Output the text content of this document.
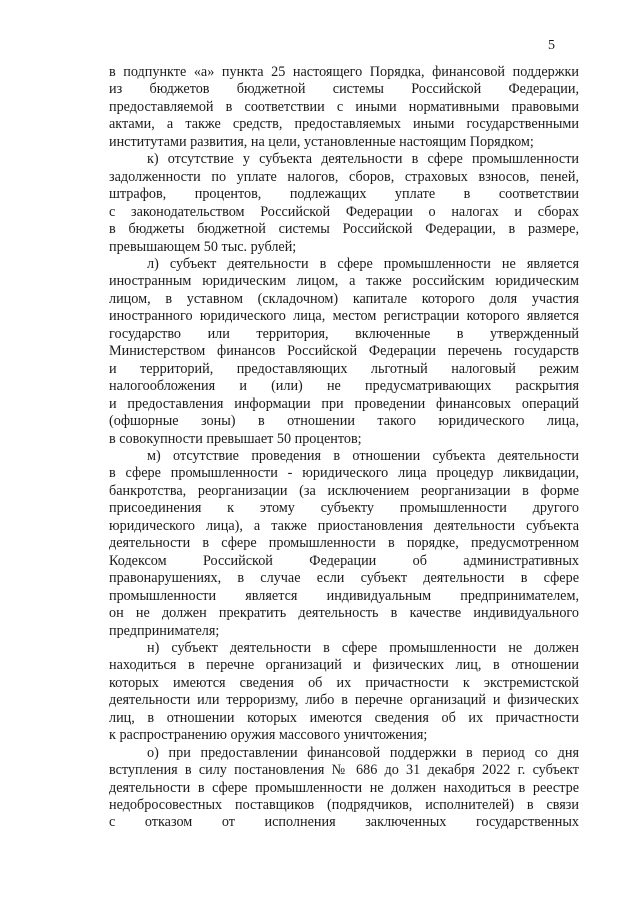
5
в подпункте «а» пункта 25 настоящего Порядка, финансовой поддержки
из бюджетов бюджетной системы Российской Федерации,
предоставляемой в соответствии с иными нормативными правовыми
актами, а также средств, предоставляемых иными государственными
институтами развития, на цели, установленные настоящим Порядком;
к) отсутствие у субъекта деятельности в сфере промышленности
задолженности по уплате налогов, сборов, страховых взносов, пеней,
штрафов, процентов, подлежащих уплате в соответствии
с законодательством Российской Федерации о налогах и сборах
в бюджеты бюджетной системы Российской Федерации, в размере,
превышающем 50 тыс. рублей;
л) субъект деятельности в сфере промышленности не является
иностранным юридическим лицом, а также российским юридическим
лицом, в уставном (складочном) капитале которого доля участия
иностранного юридического лица, местом регистрации которого является
государство или территория, включенные в утвержденный
Министерством финансов Российской Федерации перечень государств
и территорий, предоставляющих льготный налоговый режим
налогообложения и (или) не предусматривающих раскрытия
и предоставления информации при проведении финансовых операций
(офшорные зоны) в отношении такого юридического лица,
в совокупности превышает 50 процентов;
м) отсутствие проведения в отношении субъекта деятельности
в сфере промышленности - юридического лица процедур ликвидации,
банкротства, реорганизации (за исключением реорганизации в форме
присоединения к этому субъекту промышленности другого
юридического лица), а также приостановления деятельности субъекта
деятельности в сфере промышленности в порядке, предусмотренном
Кодексом Российской Федерации об административных
правонарушениях, в случае если субъект деятельности в сфере
промышленности является индивидуальным предпринимателем,
он не должен прекратить деятельность в качестве индивидуального
предпринимателя;
н) субъект деятельности в сфере промышленности не должен
находиться в перечне организаций и физических лиц, в отношении
которых имеются сведения об их причастности к экстремистской
деятельности или терроризму, либо в перечне организаций и физических
лиц, в отношении которых имеются сведения об их причастности
к распространению оружия массового уничтожения;
о) при предоставлении финансовой поддержки в период со дня
вступления в силу постановления № 686 до 31 декабря 2022 г. субъект
деятельности в сфере промышленности не должен находиться в реестре
недобросовестных поставщиков (подрядчиков, исполнителей) в связи
с отказом от исполнения заключенных государственных
